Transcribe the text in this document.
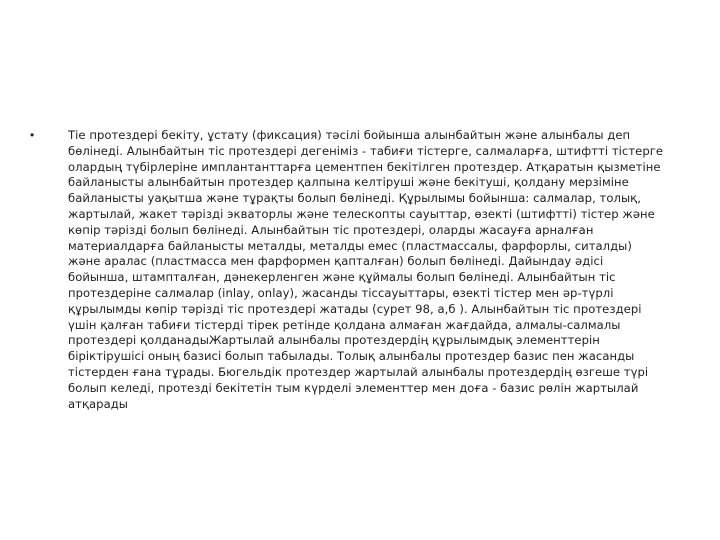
•	Тіе протездері бекіту, ұстату (фиксация) тәсілі бойынша алынбайтын және алынбалы деп
бөлінеді. Алынбайтын тіс протездері дегеніміз - табиғи тістерге, салмаларға, штифтті тістерге
олардың түбірлеріне имплантанттарға цементпен бекітілген протездер. Атқаратын қызметіне
байланысты алынбайтын протездер қалпына келтіруші және бекітуші, қолдану мерзіміне
байланысты уақытша және тұрақты болып бөлінеді. Құрылымы бойынша: салмалар, толық,
жартылай, жакет тәрізді экваторлы және телескопты сауыттар, өзекті (штифтті) тістер және
көпір тәрізді болып бөлінеді. Алынбайтын тіс протездері, оларды жасауға арналған
материалдарға байланысты металды, металды емес (пластмассалы, фарфорлы, ситалды)
және аралас (пластмасса мен фарформен қапталған) болып бөлінеді. Дайындау әдісі
бойынша, штампталған, дәнекерленген және құймалы болып бөлінеді. Алынбайтын тіс
протездеріне салмалар (inlay, onlay), жасанды тіссауыттары, өзекті тістер мен әр-түрлі
құрылымды көпір тәрізді тіс протездері жатады (сурет 98, а,б ). Алынбайтын тіс протездері
үшін қалған табиғи тістерді тірек ретінде қолдана алмаған жағдайда, алмалы-салмалы
протездері қолданадыЖартылай алынбалы протездердің құрылымдық элементтерін
біріктірушісі оның базисі болып табылады. Толық алынбалы протездер базис пен жасанды
тістерден ғана тұрады. Бюгельдік протездер жартылай алынбалы протездердің өзгеше түрі
болып келеді, протезді бекітетін тым күрделі элементтер мен доға - базис рөлін жартылай
атқарады
